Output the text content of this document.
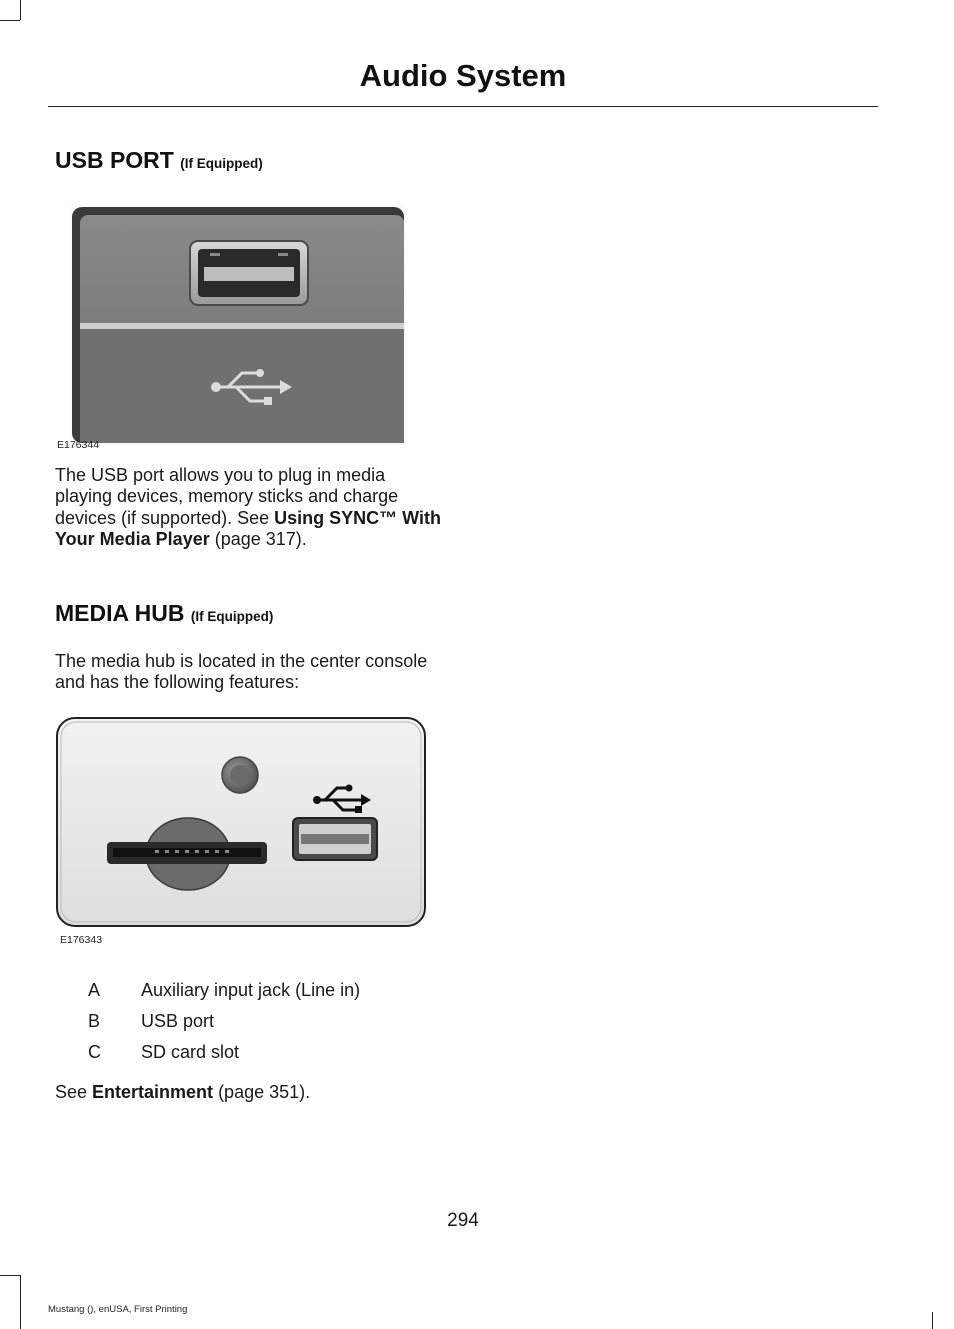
Audio System
USB PORT (If Equipped)
E176344
The USB port allows you to plug in media playing devices, memory sticks and charge devices (if supported). See Using SYNC™ With Your Media Player (page 317).
MEDIA HUB (If Equipped)
The media hub is located in the center console and has the following features:
E176343
A	Auxiliary input jack (Line in)
B	USB port
C	SD card slot
See Entertainment (page 351).
294
Mustang (), enUSA, First Printing
